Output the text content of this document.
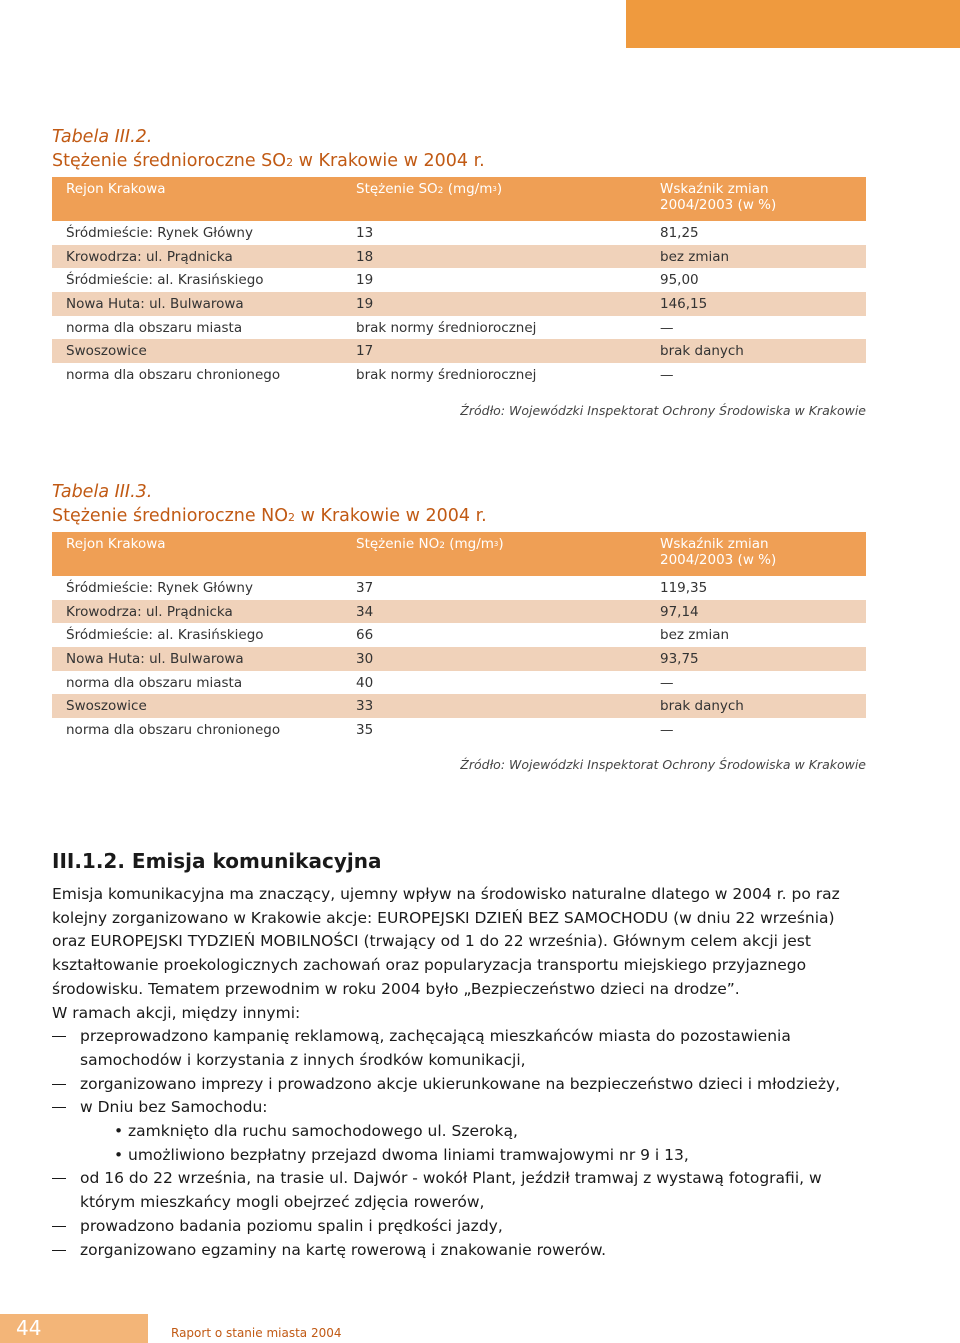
Tabela III.2.
Stężenie średnioroczne SO2 w Krakowie w 2004 r.
Rejon Krakowa	Stężenie SO2 $(mg/m^3)$	Wskaźnik zmian
2004/2003 (w %)
Śródmieście: Rynek Główny	13	81,25
Krowodrza: ul. Prądnicka	18	bez zmian
Śródmieście: al. Krasińskiego	19	95,00
Nowa Huta: ul. Bulwarowa	19	146,15
norma dla obszaru miasta	brak normy średniorocznej	—
Swoszowice	17	brak danych
norma dla obszaru chronionego	brak normy średniorocznej	—
Źródło: Wojewódzki Inspektorat Ochrony Środowiska w Krakowie
Tabela III.3.
Stężenie średnioroczne NO2 w Krakowie w 2004 r.
Rejon Krakowa	Stężenie NO2 $(mg/m^3)$	Wskaźnik zmian
2004/2003 (w %)
Śródmieście: Rynek Główny	37	119,35
Krowodrza: ul. Prądnicka	34	97,14
Śródmieście: al. Krasińskiego	66	bez zmian
Nowa Huta: ul. Bulwarowa	30	93,75
norma dla obszaru miasta	40	—
Swoszowice	33	brak danych
norma dla obszaru chronionego	35	—
Źródło: Wojewódzki Inspektorat Ochrony Środowiska w Krakowie
III.1.2. Emisja komunikacyjna

Emisja komunikacyjna ma znaczący, ujemny wpływ na środowisko naturalne dlatego w 2004 r. po raz kolejny zorganizowano w Krakowie akcje: EUROPEJSKI DZIEŃ BEZ SAMOCHODU (w dniu 22 września) oraz EUROPEJSKI TYDZIEŃ MOBILNOŚCI (trwający od 1 do 22 września). Głównym celem akcji jest kształtowanie proekologicznych zachowań oraz popularyzacja transportu miejskiego przyjaznego środowisku. Tematem przewodnim w roku 2004 było „Bezpieczeństwo dzieci na drodze”.

W ramach akcji, między innymi:

przeprowadzono kampanię reklamową, zachęcającą mieszkańców miasta do pozostawienia samochodów i korzystania z innych środków komunikacji,
zorganizowano imprezy i prowadzono akcje ukierunkowane na bezpieczeństwo dzieci i młodzieży,
w Dniu bez Samochodu:
• zamknięto dla ruchu samochodowego ul. Szeroką,
• umożliwiono bezpłatny przejazd dwoma liniami tramwajowymi nr 9 i 13,
od 16 do 22 września, na trasie ul. Dajwór - wokół Plant, jeździł tramwaj z wystawą fotografii, w którym mieszkańcy mogli obejrzeć zdjęcia rowerów,
prowadzono badania poziomu spalin i prędkości jazdy,
zorganizowano egzaminy na kartę rowerową i znakowanie rowerów.
44	Raport o stanie miasta 2004
